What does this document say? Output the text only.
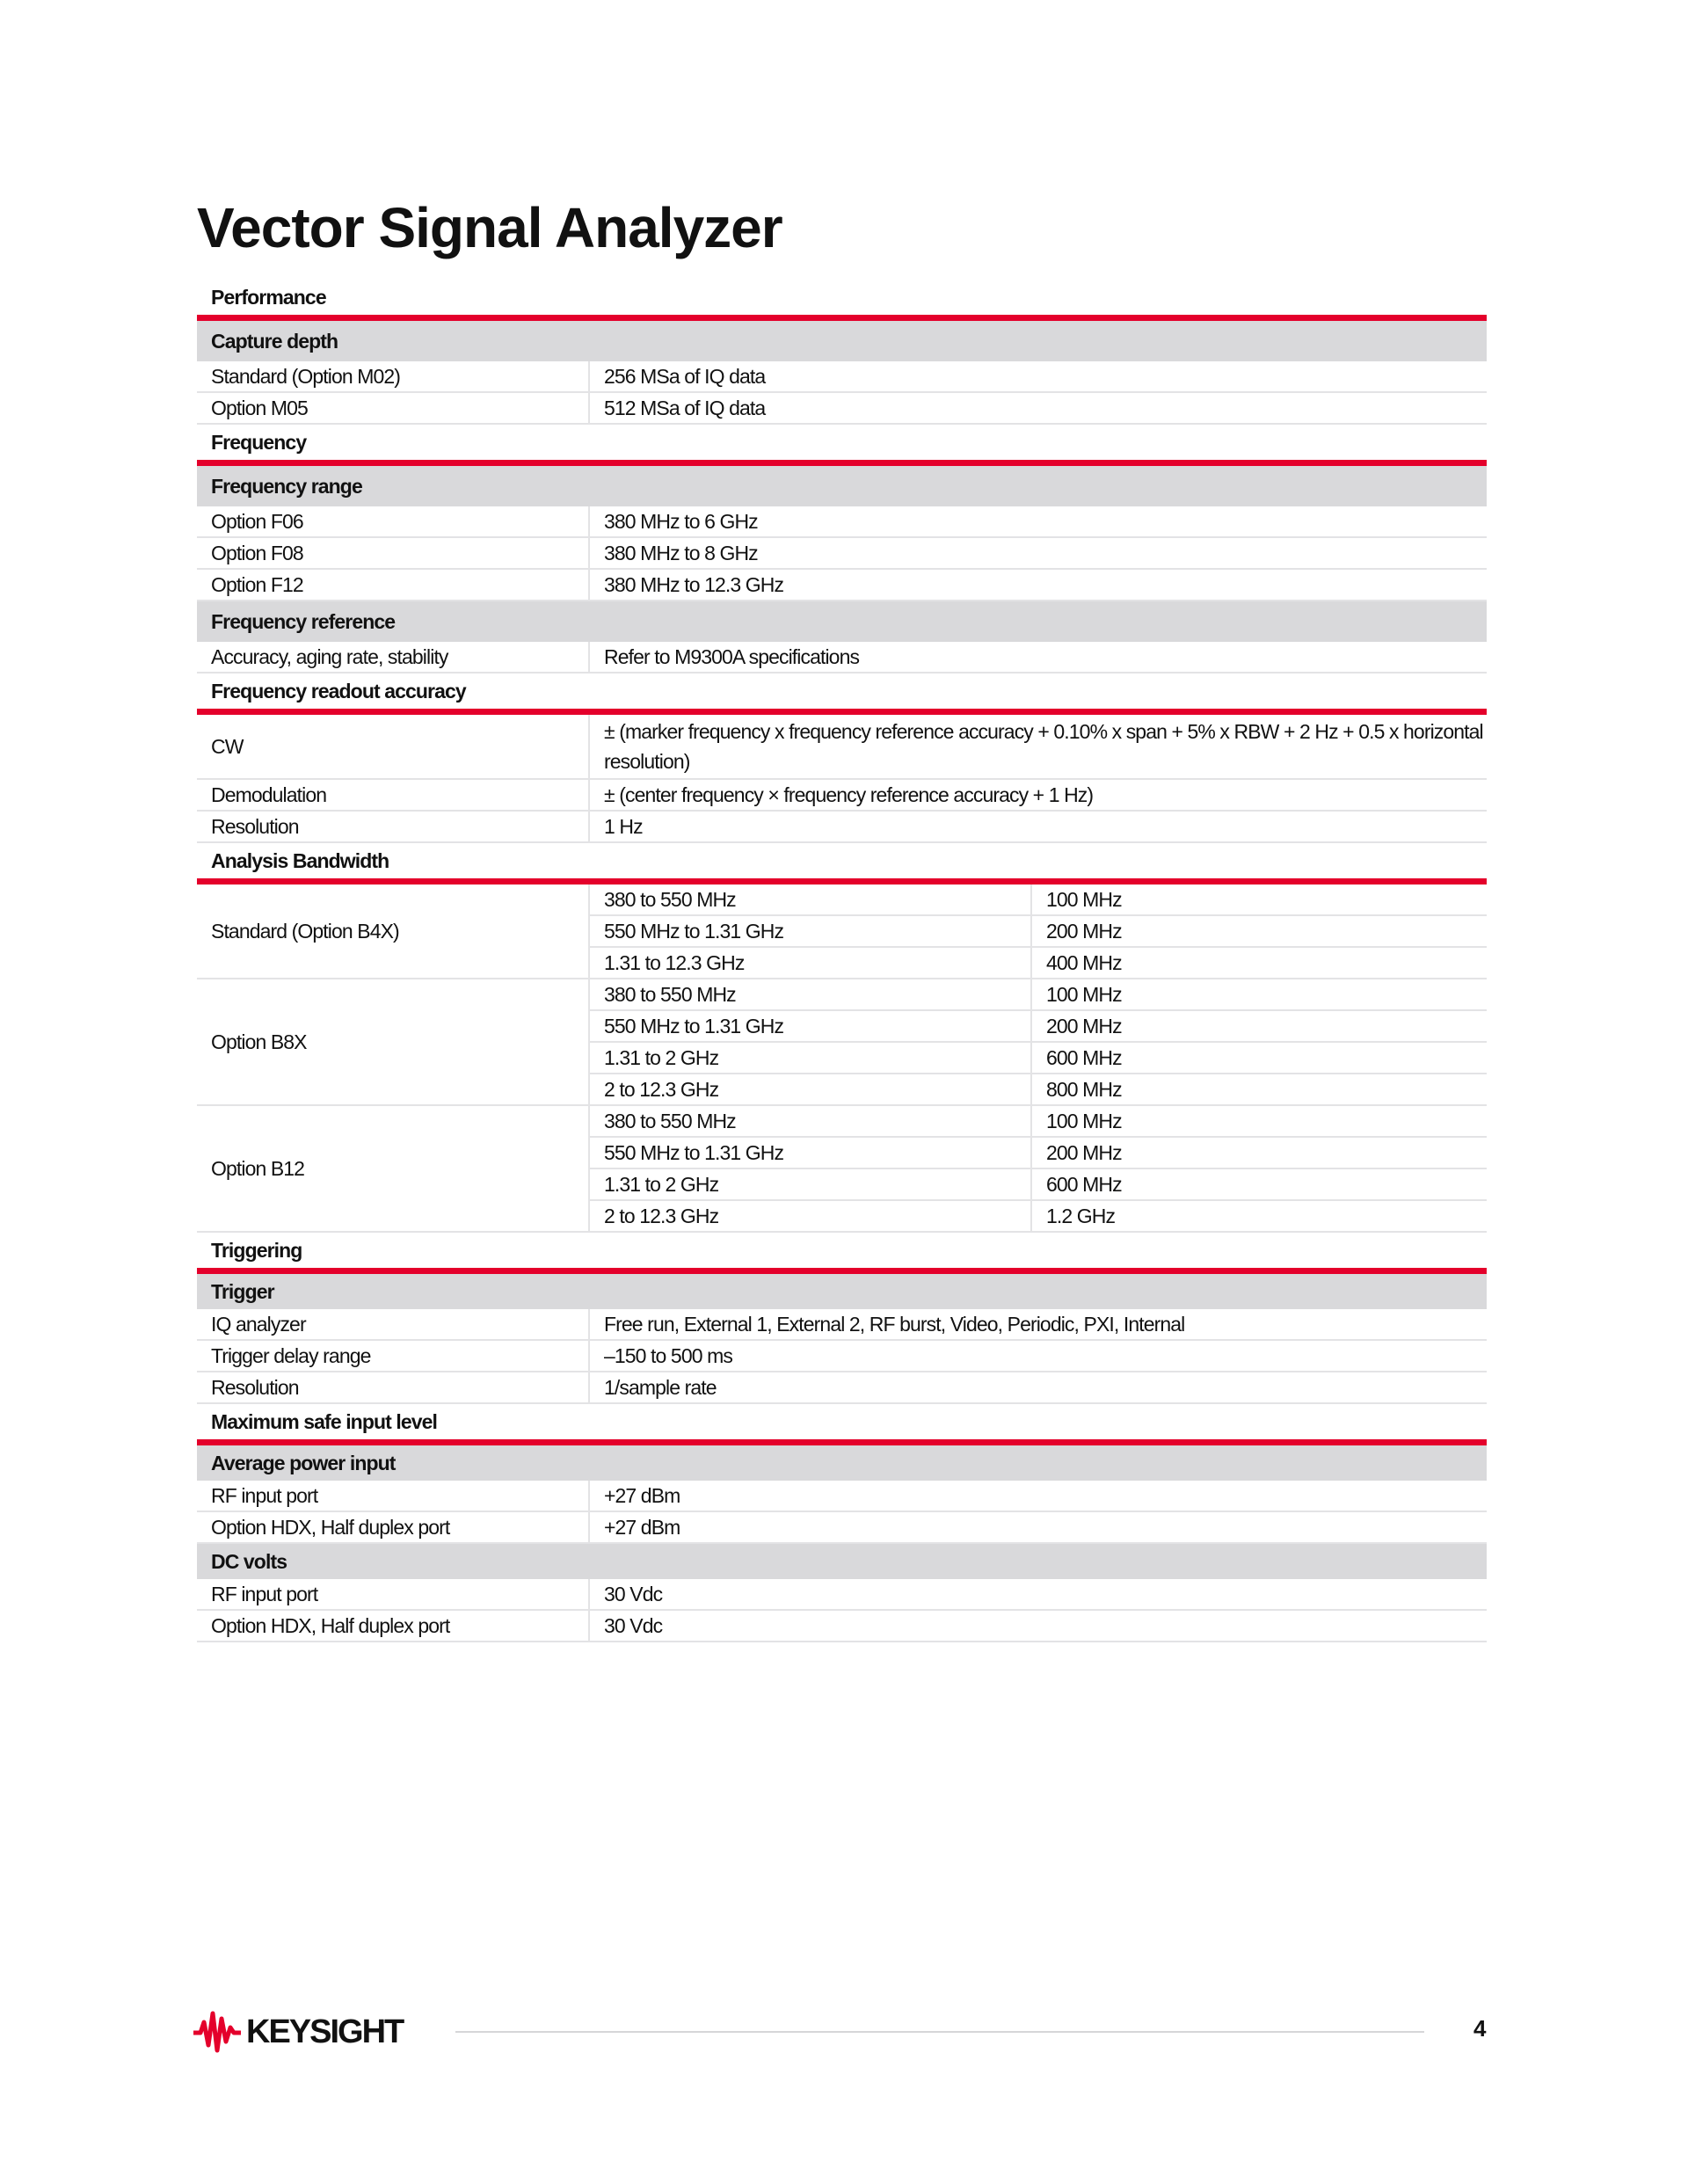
Vector Signal Analyzer
Performance		

Capture depth		
Standard (Option M02)	256 MSa of IQ data	
Option M05	512 MSa of IQ data	
Frequency		

Frequency range		
Option F06	380 MHz to 6 GHz	
Option F08	380 MHz to 8 GHz	
Option F12	380 MHz to 12.3 GHz	
Frequency reference		
Accuracy, aging rate, stability	Refer to M9300A specifications	
Frequency readout accuracy		

CW	± (marker frequency x frequency reference accuracy + 0.10% x span + 5% x RBW + 2 Hz + 0.5 x horizontal resolution)	
Demodulation	± (center frequency × frequency reference accuracy + 1 Hz)	
Resolution	1 Hz	
Analysis Bandwidth		

Standard (Option B4X)	380 to 550 MHz	100 MHz
	550 MHz to 1.31 GHz	200 MHz
	1.31 to 12.3 GHz	400 MHz
Option B8X	380 to 550 MHz	100 MHz
	550 MHz to 1.31 GHz	200 MHz
	1.31 to 2 GHz	600 MHz
	2 to 12.3 GHz	800 MHz
Option B12	380 to 550 MHz	100 MHz
	550 MHz to 1.31 GHz	200 MHz
	1.31 to 2 GHz	600 MHz
	2 to 12.3 GHz	1.2 GHz
Triggering		

Trigger		
IQ analyzer	Free run, External 1, External 2, RF burst, Video, Periodic, PXI, Internal	
Trigger delay range	–150 to 500 ms	
Resolution	1/sample rate	
Maximum safe input level		

Average power input		
RF input port	+27 dBm	
Option HDX, Half duplex port	+27 dBm	
DC volts		
RF input port	30 Vdc	
Option HDX, Half duplex port	30 Vdc	
KEYSIGHT	4
